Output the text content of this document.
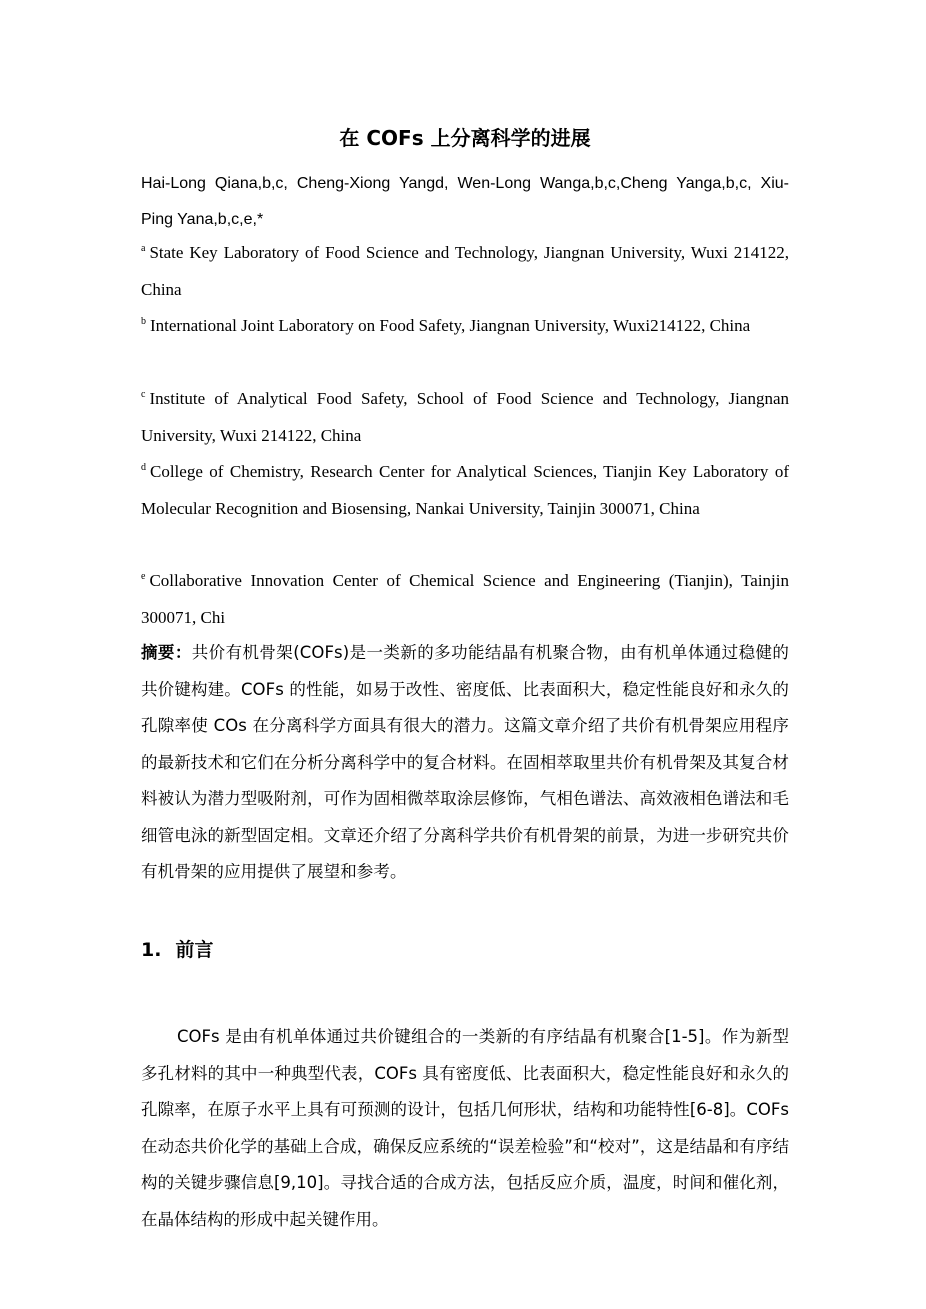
在 COFs 上分离科学的进展
Hai-Long Qiana,b,c, Cheng-Xiong Yangd, Wen-Long Wanga,b,c,Cheng Yanga,b,c, Xiu-Ping Yana,b,c,e,*
$^a$ State Key Laboratory of Food Science and Technology, Jiangnan University, Wuxi 214122, China
$^b$ International Joint Laboratory on Food Safety, Jiangnan University, Wuxi214122, China
$^c$ Institute of Analytical Food Safety, School of Food Science and Technology, Jiangnan University, Wuxi 214122, China
$^d$ College of Chemistry, Research Center for Analytical Sciences, Tianjin Key Laboratory of Molecular Recognition and Biosensing, Nankai University, Tainjin 300071, China
$^e$ Collaborative Innovation Center of Chemical Science and Engineering (Tianjin), Tainjin 300071, Chi
摘要：共价有机骨架(COFs)是一类新的多功能结晶有机聚合物，由有机单体通过稳健的共价键构建。COFs 的性能，如易于改性、密度低、比表面积大，稳定性能良好和永久的孔隙率使 COs 在分离科学方面具有很大的潜力。这篇文章介绍了共价有机骨架应用程序的最新技术和它们在分析分离科学中的复合材料。在固相萃取里共价有机骨架及其复合材料被认为潜力型吸附剂，可作为固相微萃取涂层修饰，气相色谱法、高效液相色谱法和毛细管电泳的新型固定相。文章还介绍了分离科学共价有机骨架的前景，为进一步研究共价有机骨架的应用提供了展望和参考。
1. 前言
COFs 是由有机单体通过共价键组合的一类新的有序结晶有机聚合[1-5]。作为新型多孔材料的其中一种典型代表，COFs 具有密度低、比表面积大，稳定性能良好和永久的孔隙率，在原子水平上具有可预测的设计，包括几何形状，结构和功能特性[6-8]。COFs 在动态共价化学的基础上合成，确保反应系统的“误差检验”和“校对”，这是结晶和有序结构的关键步骤信息[9,10]。寻找合适的合成方法，包括反应介质，温度，时间和催化剂，在晶体结构的形成中起关键作用。
